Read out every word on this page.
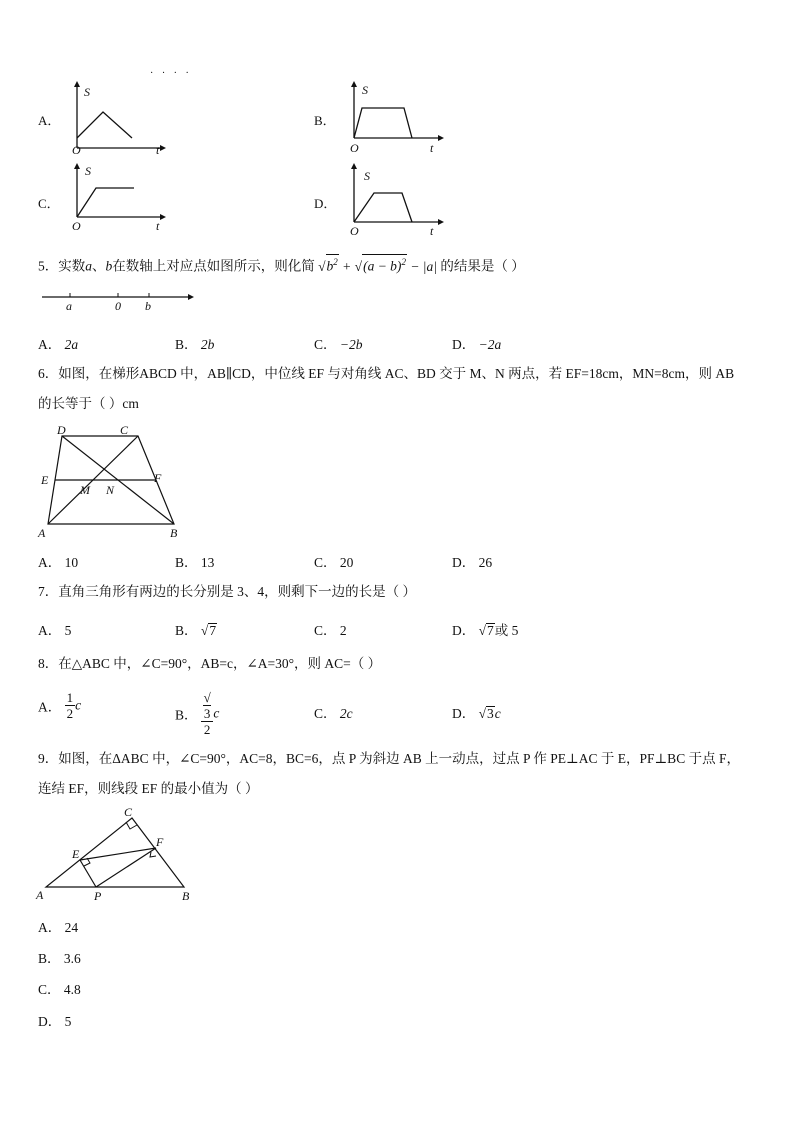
· · · ·
A．
S
O	t
B．
S
O	t
C．
S
O	t
D．
S
O	t
5．实数a、b在数轴上对应点如图所示，则化简 $√b^2 + √(a - b)^2 - |a|$ 的结果是（ ）
a	0 b
A． 2a	B． 2b	C． −2b	D． −2a
6．如图，在梯形ABCD 中，AB∥CD，中位线 EF 与对角线 AC、BD 交于 M、N 两点，若 EF=18cm，MN=8cm，则 AB
的长等于（ ）cm
A	B
C
D
E	F
M N
A． 10	B． 13	C． 20	D． 26
7．直角三角形有两边的长分别是 3、4，则剩下一边的长是（ ）
A． 5	B． √7	C． 2	D． √7或 5
8．在△ABC 中，∠C=90°，AB=c，∠A=30°，则 AC=（ ）
A． $\frac{1}{2}$ c
B． √
3
2 c	C． 2c	D． √3c
9．如图，在ΔABC 中，∠C=90°，AC=8，BC=6，点 P 为斜边 AB 上一动点，过点 P 作 PE⊥AC 于 E，PF⊥BC 于点 F，
连结 EF，则线段 EF 的最小值为（ ）
A	B
C
E
F
P
A． 24
B． 3.6
C． 4.8
D． 5
